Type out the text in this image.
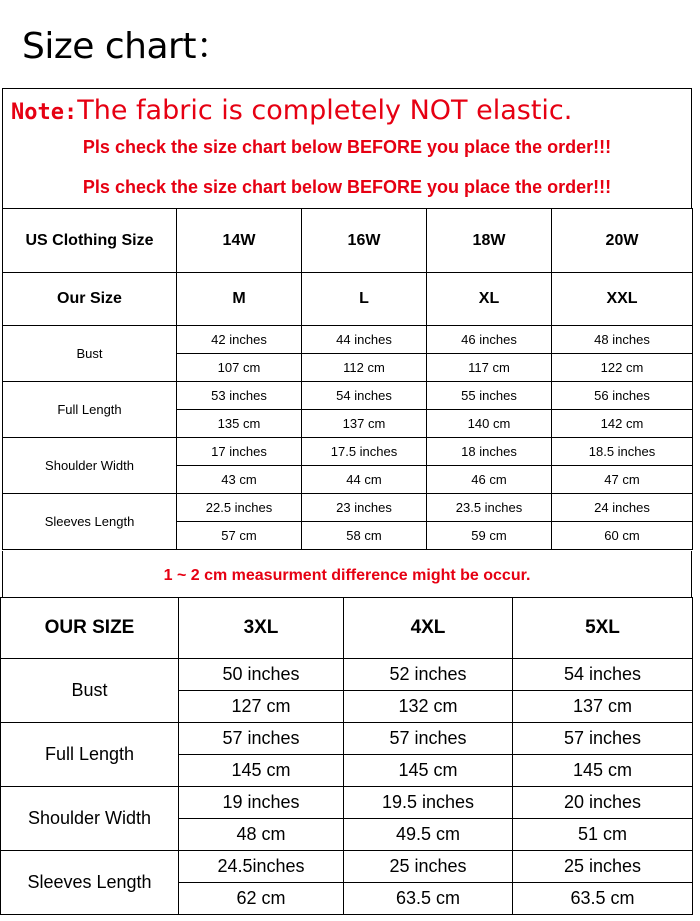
Size chart：
Note:The fabric is completely NOT elastic.
Pls check the size chart below BEFORE you place the order!!!
Pls check the size chart below BEFORE you place the order!!!
US Clothing Size	14W	16W	18W	20W
Our Size	M	L	XL	XXL
Bust	42 inches	44 inches	46 inches	48 inches
	107 cm	112 cm	117 cm	122 cm
Full Length	53 inches	54 inches	55 inches	56 inches
	135 cm	137 cm	140 cm	142 cm
Shoulder Width	17 inches	17.5 inches	18 inches	18.5 inches
	43 cm	44 cm	46 cm	47 cm
Sleeves Length	22.5 inches	23 inches	23.5 inches	24 inches
	57 cm	58 cm	59 cm	60 cm
1 ~ 2 cm measurment difference might be occur.
OUR SIZE	3XL	4XL	5XL
Bust	50 inches	52 inches	54 inches
	127 cm	132 cm	137 cm
Full Length	57 inches	57 inches	57 inches
	145 cm	145 cm	145 cm
Shoulder Width	19 inches	19.5 inches	20 inches
	48 cm	49.5 cm	51 cm
Sleeves Length	24.5inches	25 inches	25 inches
	62 cm	63.5 cm	63.5 cm
